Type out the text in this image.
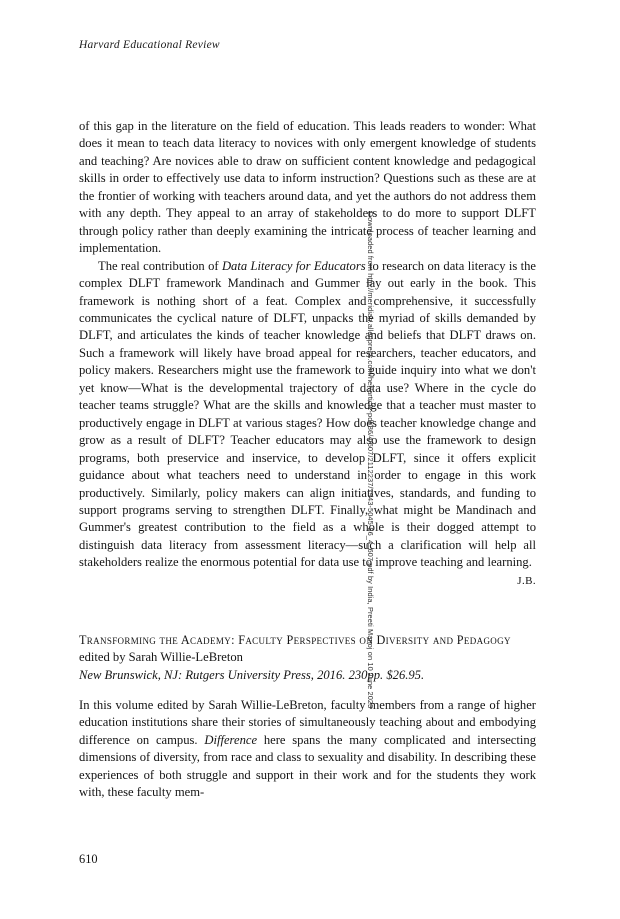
Harvard Educational Review

of this gap in the literature on the field of education. This leads readers to wonder: What does it mean to teach data literacy to novices with only emergent knowledge of students and teaching? Are novices able to draw on sufficient content knowledge and pedagogical skills in order to effectively use data to inform instruction? Questions such as these are at the frontier of working with teachers around data, and yet the authors do not address them with any depth. They appeal to an array of stakeholders to do more to support DLFT through policy rather than deeply examining the intricate process of teacher learning and implementation.

The real contribution of Data Literacy for Educators to research on data literacy is the complex DLFT framework Mandinach and Gummer lay out early in the book. This framework is nothing short of a feat. Complex and comprehensive, it successfully communicates the cyclical nature of DLFT, unpacks the myriad of skills demanded by DLFT, and articulates the kinds of teacher knowledge and beliefs that DLFT draws on. Such a framework will likely have broad appeal for researchers, teacher educators, and policy makers. Researchers might use the framework to guide inquiry into what we don't yet know—What is the developmental trajectory of data use? Where in the cycle do teacher teams struggle? What are the skills and knowledge that a teacher must master to productively engage in DLFT at various stages? How does teacher knowledge change and grow as a result of DLFT? Teacher educators may also use the framework to design programs, both preservice and inservice, to develop DLFT, since it offers explicit guidance about what teachers need to understand in order to engage in this work productively. Similarly, policy makers can align initiatives, standards, and funding to support programs serving to strengthen DLFT. Finally, what might be Mandinach and Gummer's greatest contribution to the field as a whole is their dogged attempt to distinguish data literacy from assessment literacy—such a clarification will help all stakeholders realize the enormous potential for data use to improve teaching and learning.

J.B.

Transforming the Academy: Faculty Perspectives on Diversity and Pedagogy

edited by Sarah Willie-LeBreton

New Brunswick, NJ: Rutgers University Press, 2016. 230pp. $26.95.

In this volume edited by Sarah Willie-LeBreton, faculty members from a range of higher education institutions share their stories of simultaneously teaching about and embodying difference on campus. Difference here spans the many complicated and intersecting dimensions of diversity, from race and class to sexuality and disability. In describing these experiences of both struggle and support in their work and for the students they work with, these faculty mem-

610
Downloaded from http://meridian.allenpress.com/her/article-pdf/86/4/607/2112237/1943-5045-86_4_607.pdf by India, Preeti Manoj on 10 June 2023
